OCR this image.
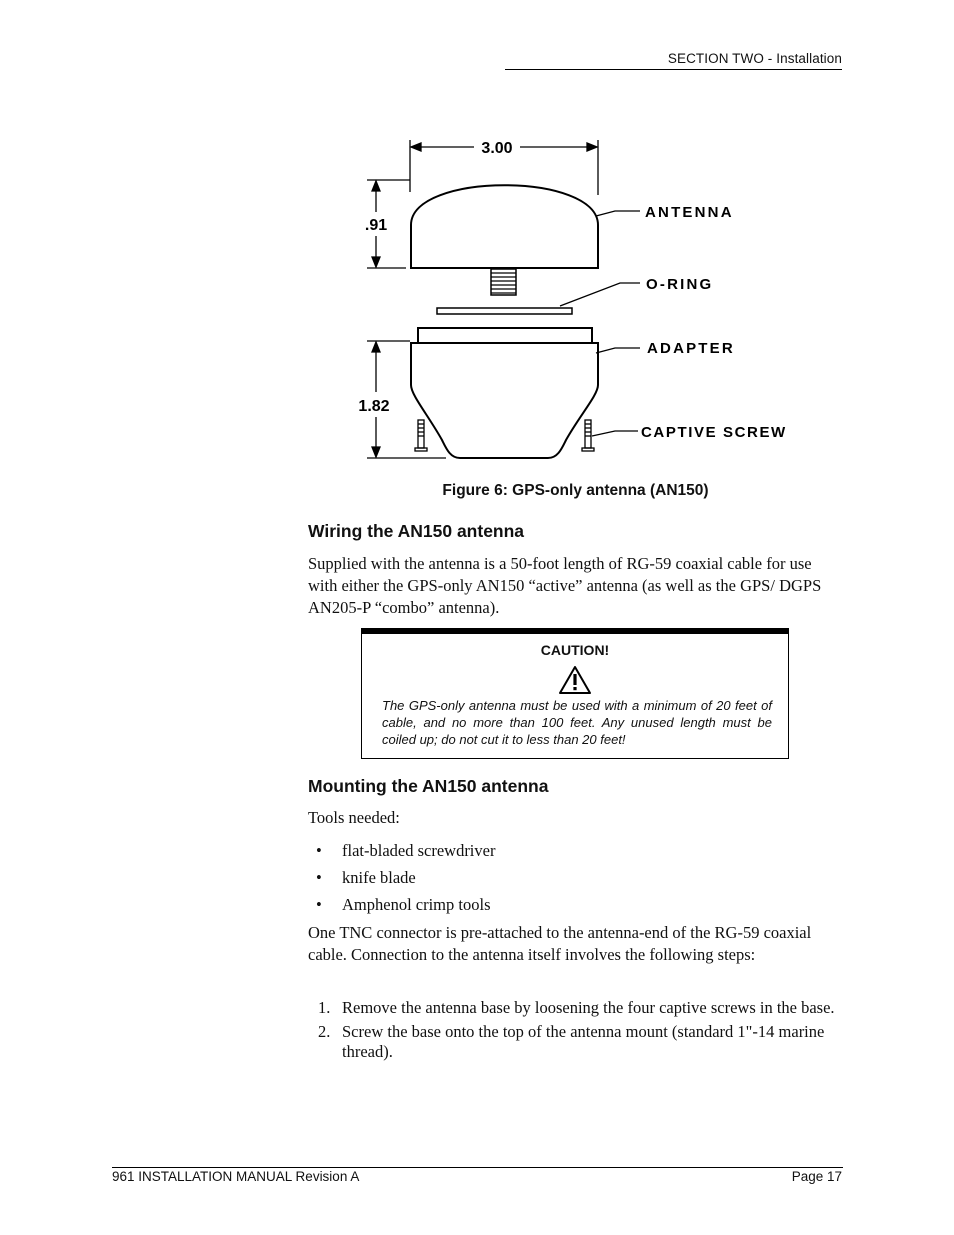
SECTION TWO - Installation
3.00
.91
1.82
ANTENNA
O-RING
ADAPTER
CAPTIVE SCREW
Figure 6: GPS-only antenna (AN150)
Wiring the AN150 antenna
Supplied with the antenna is a 50-foot length of RG-59 coaxial cable for use with either the GPS-only AN150 “active” antenna (as well as the GPS/ DGPS AN205-P “combo” antenna).
CAUTION!
The GPS-only antenna must be used with a minimum of 20 feet of cable, and no more than 100 feet. Any unused length must be coiled up; do not cut it to less than 20 feet!
Mounting the AN150 antenna
Tools needed:
• flat-bladed screwdriver
• knife blade
• Amphenol crimp tools
One TNC connector is pre-attached to the antenna-end of the RG-59 coaxial cable. Connection to the antenna itself involves the following steps:
1. Remove the antenna base by loosening the four captive screws in the base.
2. Screw the base onto the top of the antenna mount (standard 1"-14 marine thread).
961 INSTALLATION MANUAL Revision A	Page 17
